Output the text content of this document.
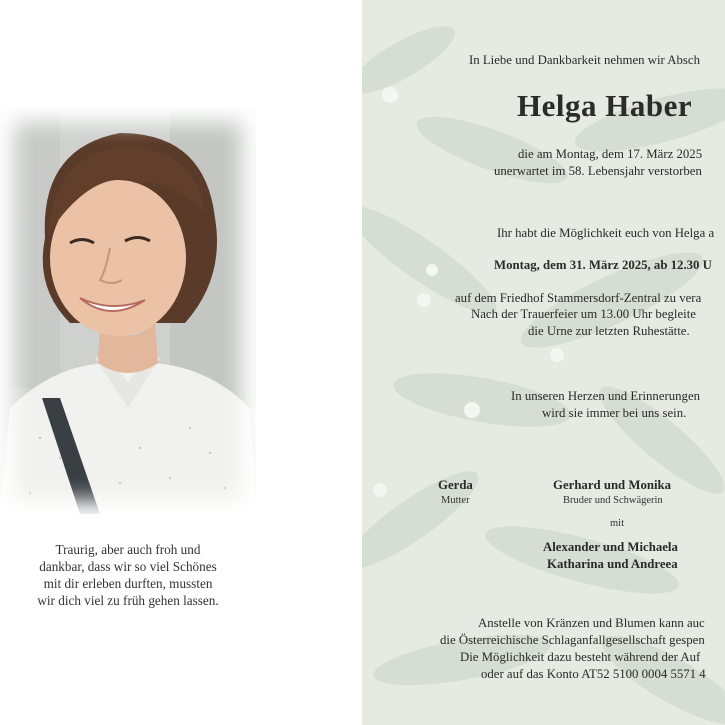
Traurig, aber auch froh und
dankbar, dass wir so viel Schönes
mit dir erleben durften, mussten
wir dich viel zu früh gehen lassen.
In Liebe und Dankbarkeit nehmen wir Absch
Helga Haber
die am Montag, dem 17. März 2025
unerwartet im 58. Lebensjahr verstorben
Ihr habt die Möglichkeit euch von Helga a
Montag, dem 31. März 2025, ab 12.30 U
auf dem Friedhof Stammersdorf-Zentral zu vera
Nach der Trauerfeier um 13.00 Uhr begleite
die Urne zur letzten Ruhestätte.
In unseren Herzen und Erinnerungen
wird sie immer bei uns sein.
Gerda
Mutter
Gerhard und Monika
Bruder und Schwägerin
mit
Alexander und Michaela
Katharina und Andreea
Anstelle von Kränzen und Blumen kann auc
die Österreichische Schlaganfallgesellschaft gespen
Die Möglichkeit dazu besteht während der Auf
oder auf das Konto AT52 5100 0004 5571 4
